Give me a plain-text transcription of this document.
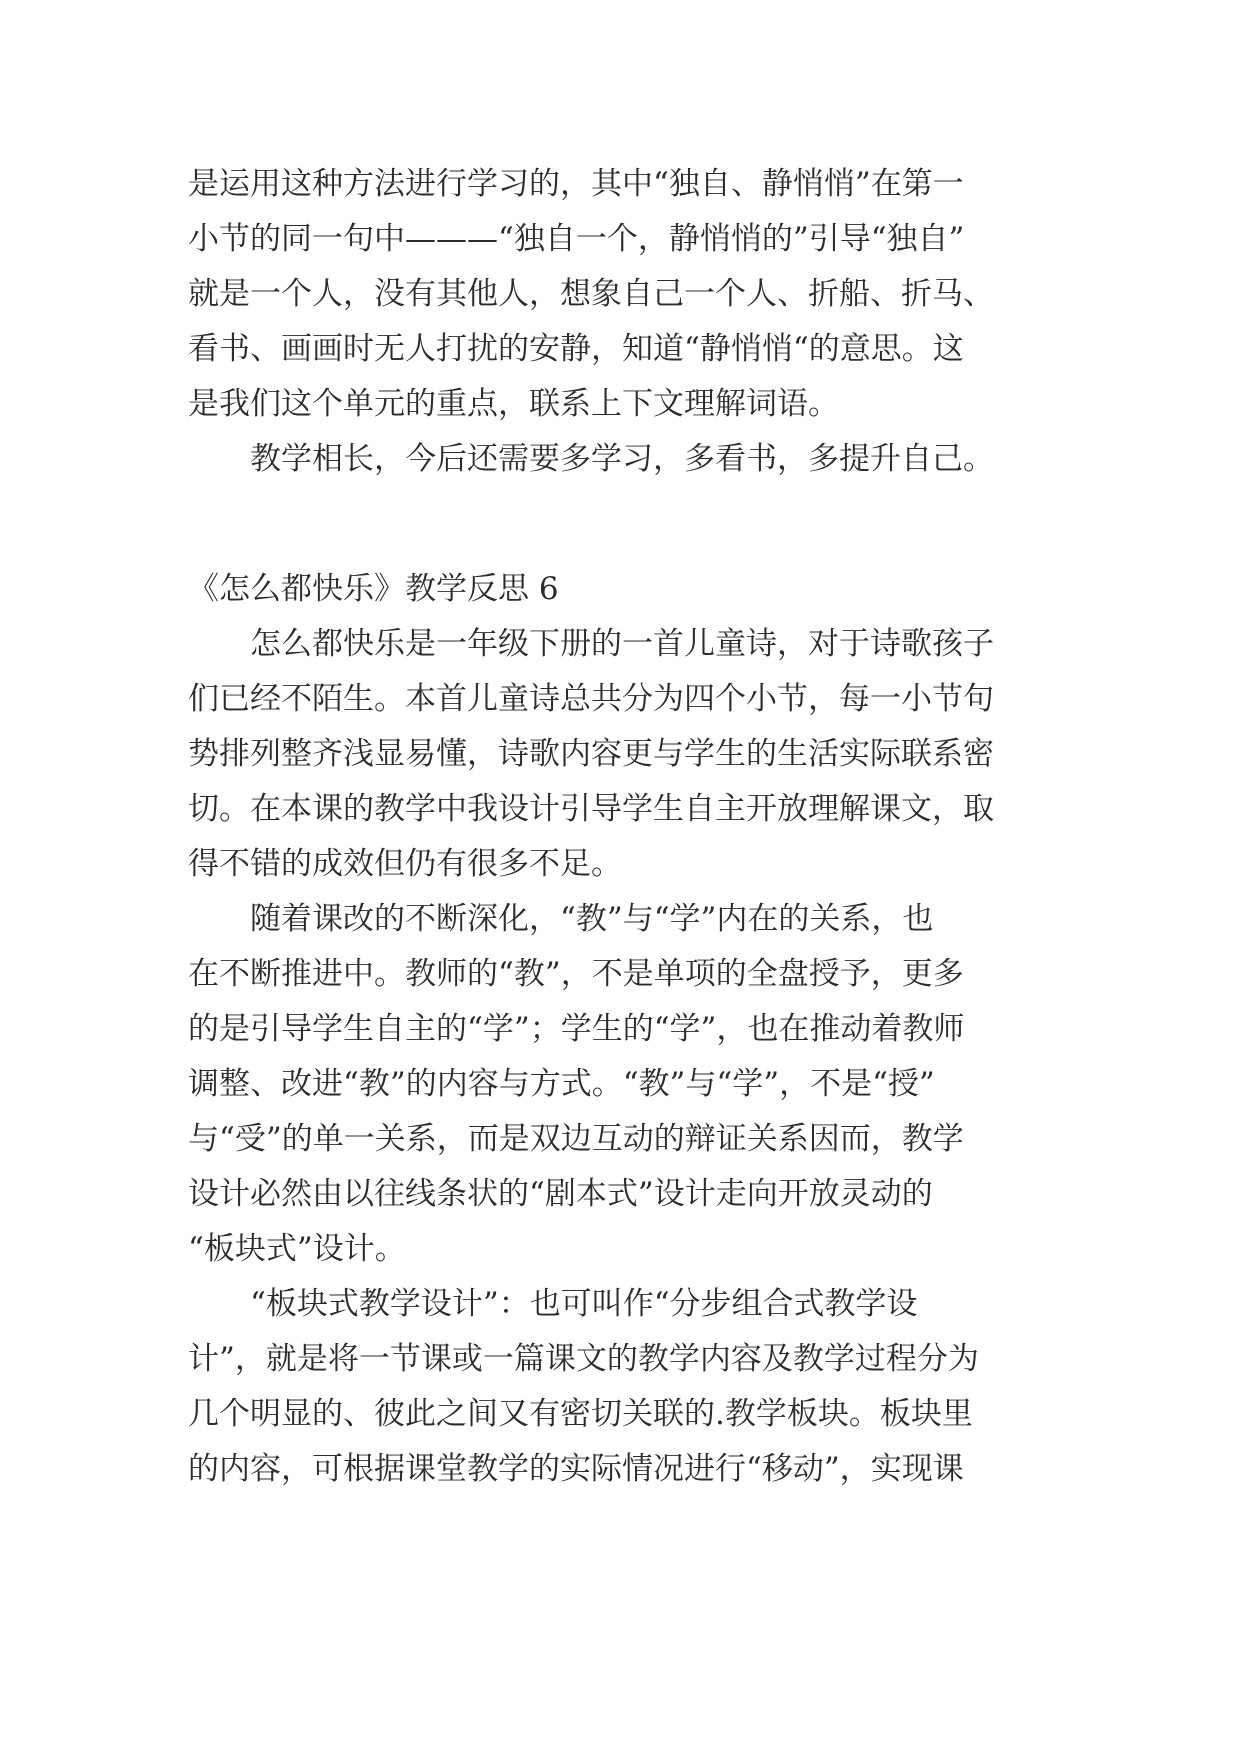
是运用这种方法进行学习的，其中“独自、静悄悄”在第一
小节的同一句中———“独自一个，静悄悄的”引导“独自”
就是一个人，没有其他人，想象自己一个人、折船、折马、
看书、画画时无人打扰的安静，知道“静悄悄“的意思。这
是我们这个单元的重点，联系上下文理解词语。
教学相长，今后还需要多学习，多看书，多提升自己。
《怎么都快乐》教学反思 6
怎么都快乐是一年级下册的一首儿童诗，对于诗歌孩子
们已经不陌生。本首儿童诗总共分为四个小节，每一小节句
势排列整齐浅显易懂，诗歌内容更与学生的生活实际联系密
切。在本课的教学中我设计引导学生自主开放理解课文，取
得不错的成效但仍有很多不足。
随着课改的不断深化，“教”与“学”内在的关系，也
在不断推进中。教师的“教”，不是单项的全盘授予，更多
的是引导学生自主的“学”；学生的“学”，也在推动着教师
调整、改进“教”的内容与方式。“教”与“学”，不是“授”
与“受”的单一关系，而是双边互动的辩证关系因而，教学
设计必然由以往线条状的“剧本式”设计走向开放灵动的
“板块式”设计。
“板块式教学设计”：也可叫作“分步组合式教学设
计”，就是将一节课或一篇课文的教学内容及教学过程分为
几个明显的、彼此之间又有密切关联的.教学板块。板块里
的内容，可根据课堂教学的实际情况进行“移动”，实现课
